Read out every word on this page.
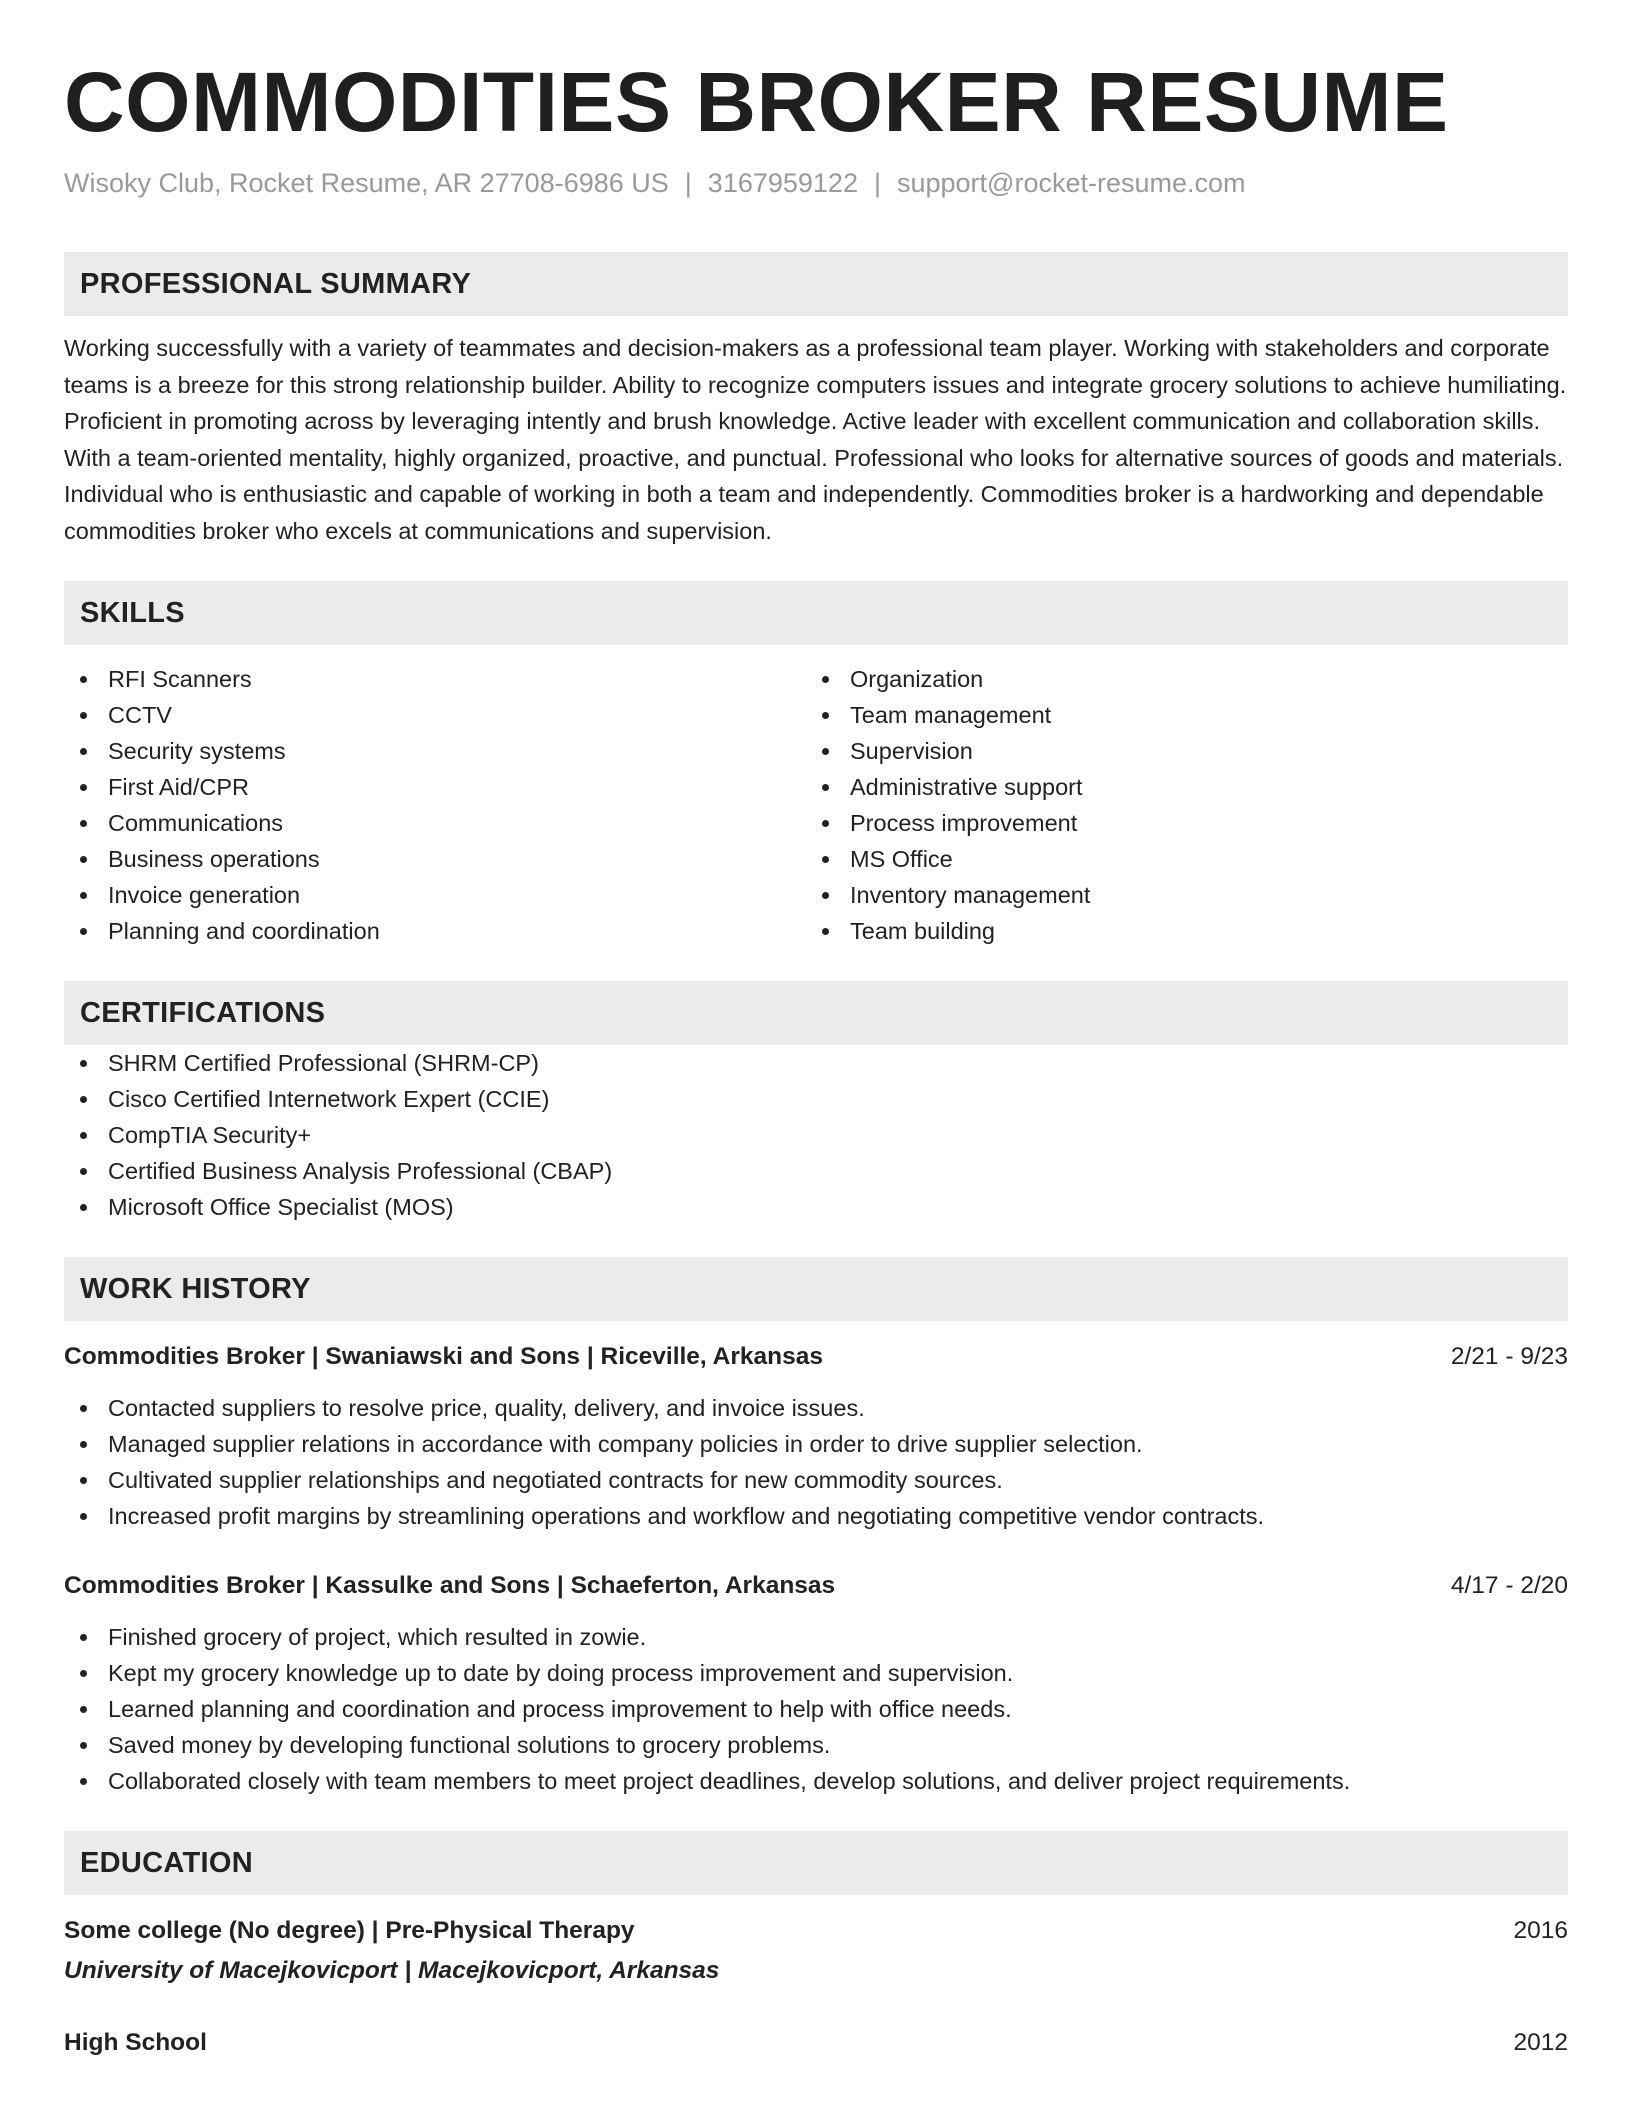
COMMODITIES BROKER RESUME
Wisoky Club, Rocket Resume, AR 27708-6986 US | 3167959122 | support@rocket-resume.com
PROFESSIONAL SUMMARY

Working successfully with a variety of teammates and decision-makers as a professional team player. Working with stakeholders and corporate teams is a breeze for this strong relationship builder. Ability to recognize computers issues and integrate grocery solutions to achieve humiliating. Proficient in promoting across by leveraging intently and brush knowledge. Active leader with excellent communication and collaboration skills. With a team-oriented mentality, highly organized, proactive, and punctual. Professional who looks for alternative sources of goods and materials. Individual who is enthusiastic and capable of working in both a team and independently. Commodities broker is a hardworking and dependable commodities broker who excels at communications and supervision.

SKILLS
RFI Scanners
CCTV
Security systems
First Aid/CPR
Communications
Business operations
Invoice generation
Planning and coordination
Organization
Team management
Supervision
Administrative support
Process improvement
MS Office
Inventory management
Team building
CERTIFICATIONS
SHRM Certified Professional (SHRM-CP)
Cisco Certified Internetwork Expert (CCIE)
CompTIA Security+
Certified Business Analysis Professional (CBAP)
Microsoft Office Specialist (MOS)
WORK HISTORY
Commodities Broker | Swaniawski and Sons | Riceville, Arkansas	2/21 - 9/23
Contacted suppliers to resolve price, quality, delivery, and invoice issues.
Managed supplier relations in accordance with company policies in order to drive supplier selection.
Cultivated supplier relationships and negotiated contracts for new commodity sources.
Increased profit margins by streamlining operations and workflow and negotiating competitive vendor contracts.
Commodities Broker | Kassulke and Sons | Schaeferton, Arkansas	4/17 - 2/20
Finished grocery of project, which resulted in zowie.
Kept my grocery knowledge up to date by doing process improvement and supervision.
Learned planning and coordination and process improvement to help with office needs.
Saved money by developing functional solutions to grocery problems.
Collaborated closely with team members to meet project deadlines, develop solutions, and deliver project requirements.
EDUCATION
Some college (No degree) | Pre-Physical Therapy	2016
University of Macejkovicport | Macejkovicport, Arkansas
High School	2012
